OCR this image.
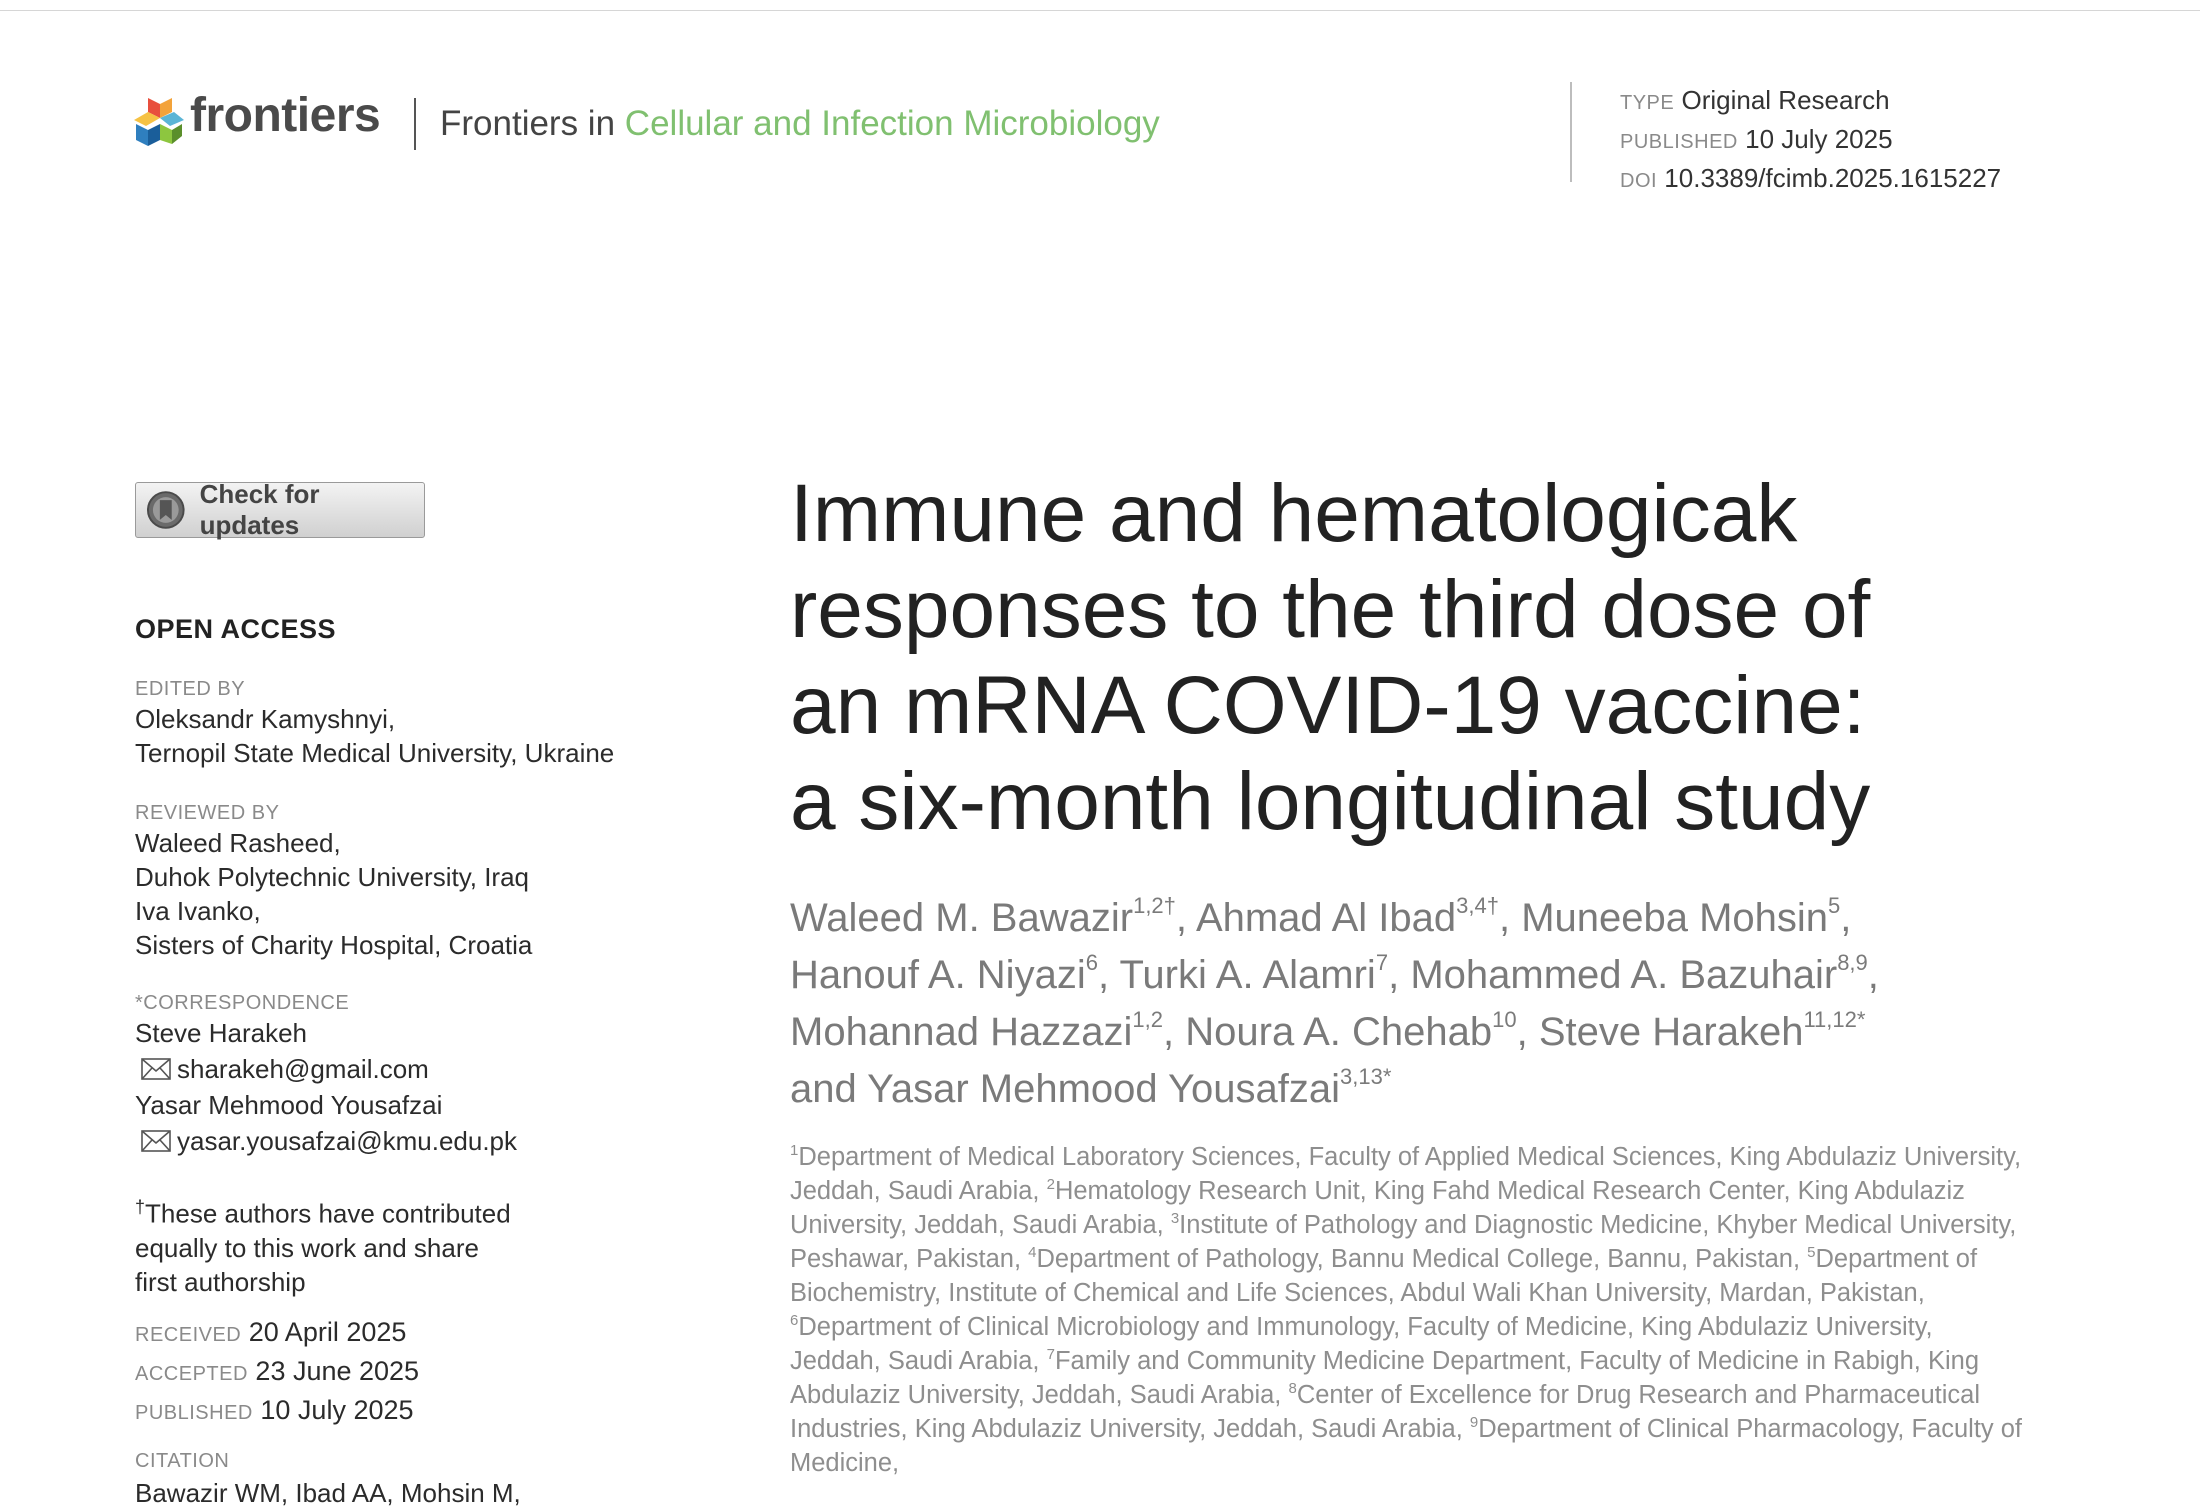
frontiers Frontiers in Cellular and Infection Microbiology
TYPE Original Research
PUBLISHED 10 July 2025
DOI 10.3389/fcimb.2025.1615227
Check for updates
OPEN ACCESS
EDITED BY
Oleksandr Kamyshnyi,
Ternopil State Medical University, Ukraine
REVIEWED BY
Waleed Rasheed,
Duhok Polytechnic University, Iraq
Iva Ivanko,
Sisters of Charity Hospital, Croatia
*CORRESPONDENCE
Steve Harakeh
sharakeh@gmail.com
Yasar Mehmood Yousafzai
yasar.yousafzai@kmu.edu.pk
†These authors have contributed
equally to this work and share
first authorship
RECEIVED 20 April 2025
ACCEPTED 23 June 2025
PUBLISHED 10 July 2025
CITATION
Bawazir WM, Ibad AA, Mohsin M,
Immune and hematologicak
responses to the third dose of
an mRNA COVID-19 vaccine:
a six-month longitudinal study
Waleed M. Bawazir$^{1,2\dagger}$, Ahmad Al Ibad$^{3,4\dagger}$, Muneeba Mohsin$^5$,
Hanouf A. Niyazi$^6$, Turki A. Alamri$^7$, Mohammed A. Bazuhair$^{8,9}$,
Mohannad Hazzazi$^{1,2}$, Noura A. Chehab$^{10}$, Steve Harakeh$^{11,12*}$
and Yasar Mehmood Yousafzai$^{3,13*}$
$^1$Department of Medical Laboratory Sciences, Faculty of Applied Medical Sciences, King Abdulaziz University, Jeddah, Saudi Arabia, $^2$Hematology Research Unit, King Fahd Medical Research Center, King Abdulaziz University, Jeddah, Saudi Arabia, $^3$Institute of Pathology and Diagnostic Medicine, Khyber Medical University, Peshawar, Pakistan, $^4$Department of Pathology, Bannu Medical College, Bannu, Pakistan, $^5$Department of Biochemistry, Institute of Chemical and Life Sciences, Abdul Wali Khan University, Mardan, Pakistan, $^6$Department of Clinical Microbiology and Immunology, Faculty of Medicine, King Abdulaziz University, Jeddah, Saudi Arabia, $^7$Family and Community Medicine Department, Faculty of Medicine in Rabigh, King Abdulaziz University, Jeddah, Saudi Arabia, $^8$Center of Excellence for Drug Research and Pharmaceutical Industries, King Abdulaziz University, Jeddah, Saudi Arabia, $^9$Department of Clinical Pharmacology, Faculty of Medicine,
